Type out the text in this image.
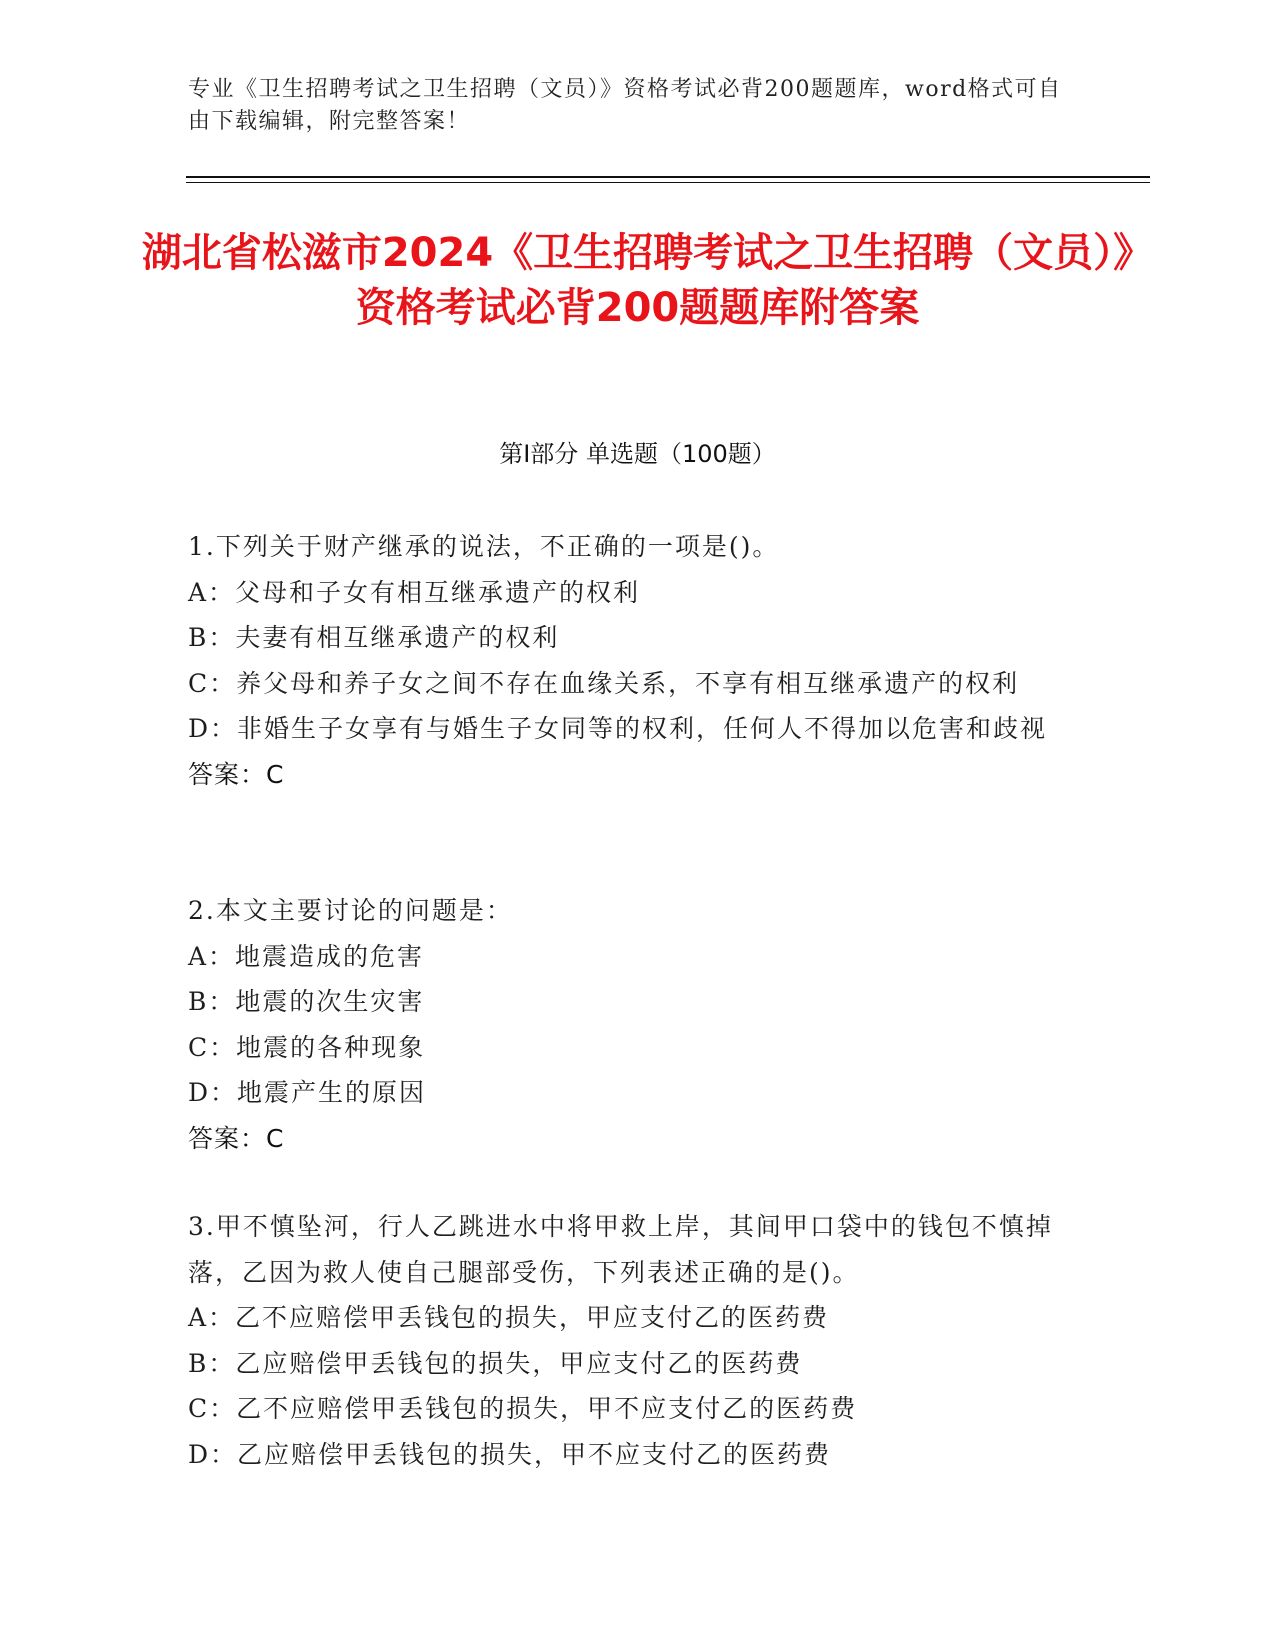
专业《卫生招聘考试之卫生招聘（文员）》资格考试必背200题题库，word格式可自由下载编辑，附完整答案！
湖北省松滋市2024《卫生招聘考试之卫生招聘（文员）》资格考试必背200题题库附答案
第Ⅰ部分 单选题（100题）
1.下列关于财产继承的说法，不正确的一项是()。
A：父母和子女有相互继承遗产的权利
B：夫妻有相互继承遗产的权利
C：养父母和养子女之间不存在血缘关系，不享有相互继承遗产的权利
D：非婚生子女享有与婚生子女同等的权利，任何人不得加以危害和歧视
答案：C
2.本文主要讨论的问题是：
A：地震造成的危害
B：地震的次生灾害
C：地震的各种现象
D：地震产生的原因
答案：C
3.甲不慎坠河，行人乙跳进水中将甲救上岸，其间甲口袋中的钱包不慎掉落，乙因为救人使自己腿部受伤，下列表述正确的是()。
A：乙不应赔偿甲丢钱包的损失，甲应支付乙的医药费
B：乙应赔偿甲丢钱包的损失，甲应支付乙的医药费
C：乙不应赔偿甲丢钱包的损失，甲不应支付乙的医药费
D：乙应赔偿甲丢钱包的损失，甲不应支付乙的医药费
